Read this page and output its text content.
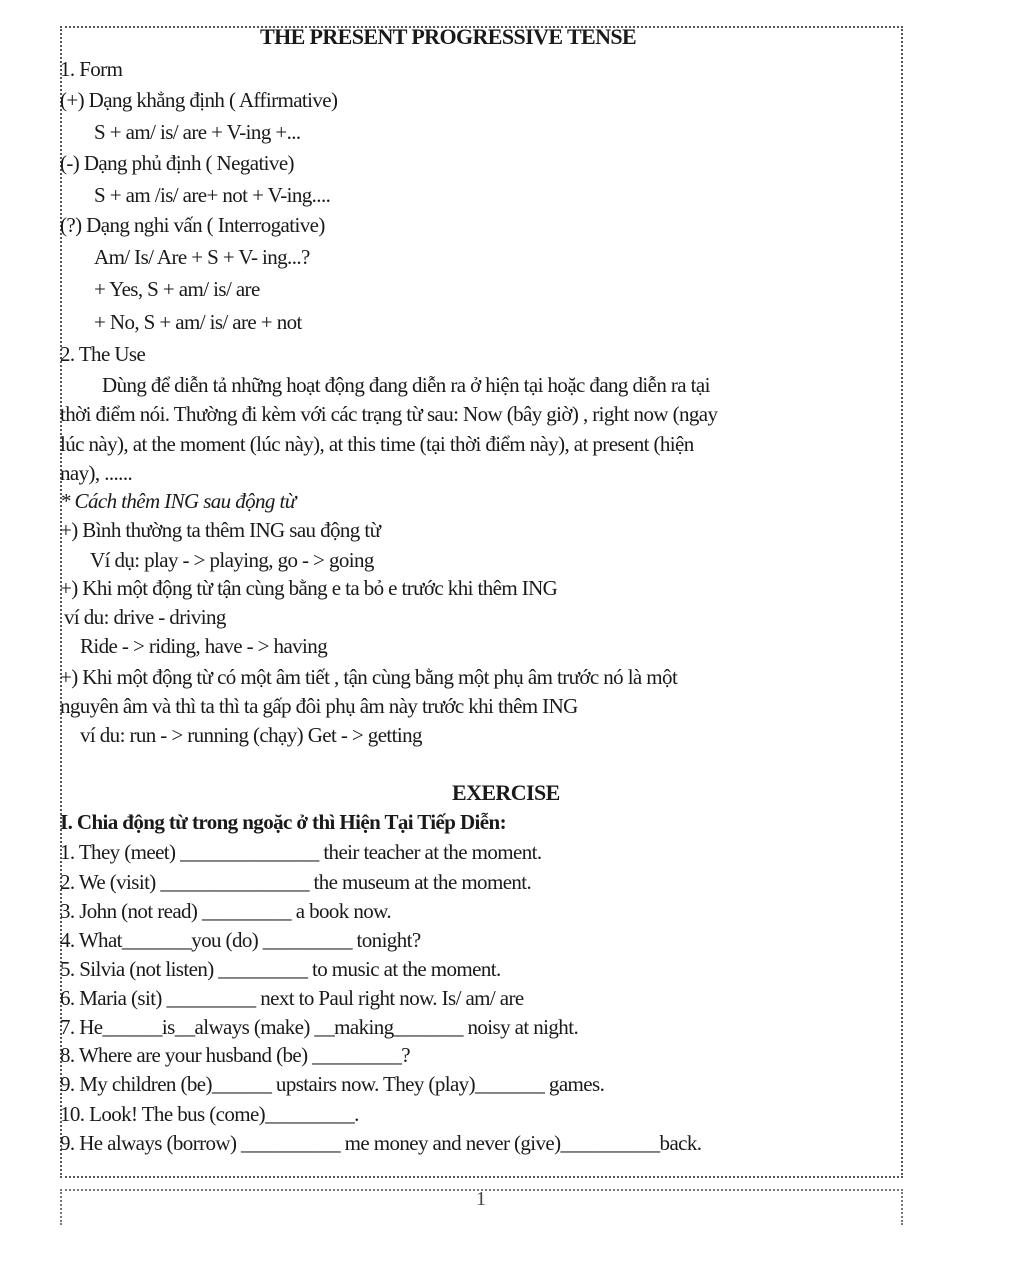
THE PRESENT PROGRESSIVE TENSE
1. Form
(+) Dạng khẳng định ( Affirmative)
S + am/ is/ are + V-ing +...
(-) Dạng phủ định ( Negative)
S + am /is/ are+ not + V-ing....
(?) Dạng nghi vấn ( Interrogative)
Am/ Is/ Are + S + V- ing...?
+ Yes, S + am/ is/ are
+ No, S + am/ is/ are + not
2. The Use
Dùng để diễn tả những hoạt động đang diễn ra ở hiện tại hoặc đang diễn ra tại
thời điểm nói. Thường đi kèm với các trạng từ sau: Now (bây giờ) , right now (ngay
lúc này), at the moment (lúc này), at this time (tại thời điểm này), at present (hiện
nay), ......
* Cách thêm ING sau động từ
+) Bình thường ta thêm ING sau động từ
Ví dụ: play - > playing, go - > going
+) Khi một động từ tận cùng bằng e ta bỏ e trước khi thêm ING
ví du: drive - driving
Ride - > riding, have - > having
+) Khi một động từ có một âm tiết , tận cùng bằng một phụ âm trước nó là một
nguyên âm và thì ta thì ta gấp đôi phụ âm này trước khi thêm ING
ví du: run - > running (chạy) Get - > getting
EXERCISE
I. Chia động từ trong ngoặc ở thì Hiện Tại Tiếp Diễn:
1. They (meet) ______________ their teacher at the moment.
2. We (visit) _______________ the museum at the moment.
3. John (not read) _________ a book now.
4. What_______you (do) _________ tonight?
5. Silvia (not listen) _________ to music at the moment.
6. Maria (sit) _________ next to Paul right now. Is/ am/ are
7. He______is__always (make) __making_______ noisy at night.
8. Where are your husband (be) _________?
9. My children (be)______ upstairs now. They (play)_______ games.
10. Look! The bus (come)_________.
9. He always (borrow) __________ me money and never (give)__________back.
1
